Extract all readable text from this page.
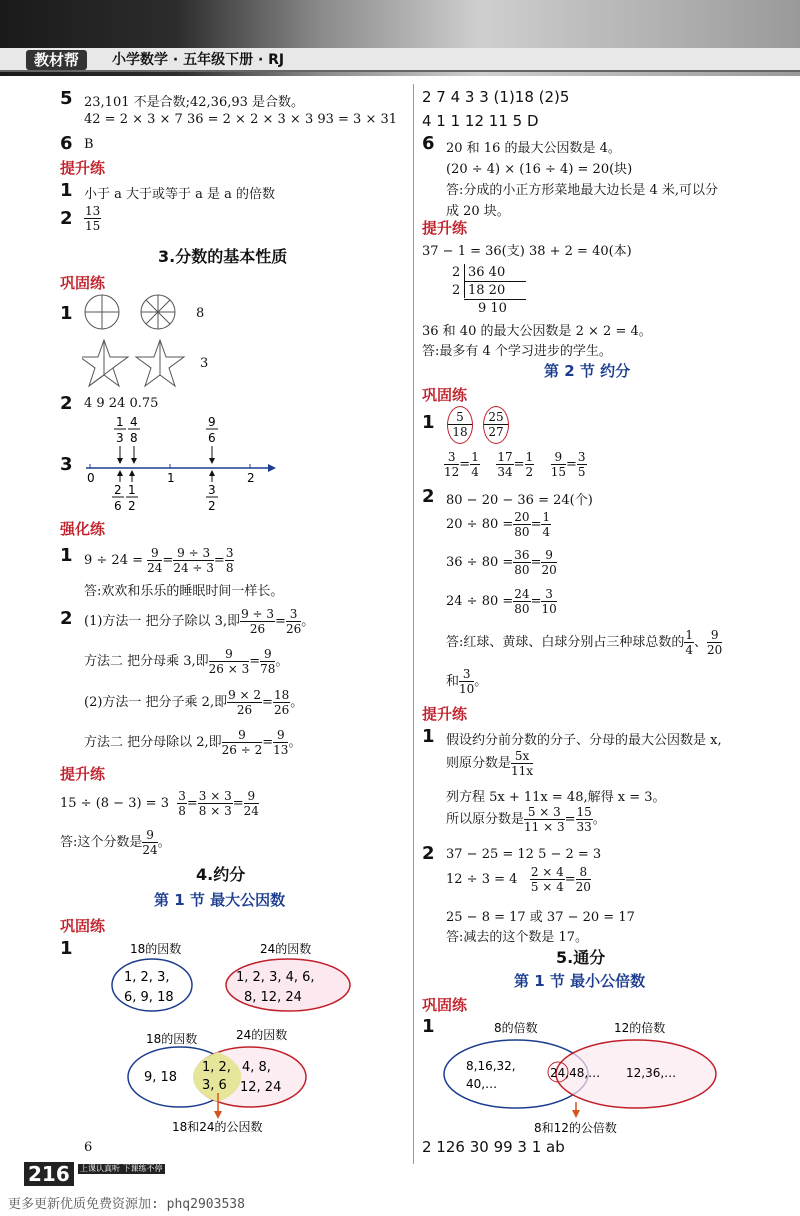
教材帮	小学数学 · 五年级下册 · RJ
5 23,101 不是合数;42,36,93 是合数。
42 = 2 × 3 × 7 36 = 2 × 2 × 3 × 3 93 = 3 × 31
6 B
提升练
1 小于 a 大于或等于 a 是 a 的倍数
2 13
15
3.分数的基本性质
巩固练
1	8
3
2 4 9 24 0.75
3
0	1	2
1
3
4
8
9
6
2
6
1
2
3
2
强化练
1 $9 \div 24 = \frac{9}{24} = \frac{9 \div 3}{24 \div 3} = \frac{3}{8}$
答:欢欢和乐乐的睡眠时间一样长。
2 (1)方法一 把分子除以 3,即 $\frac{9 \div 3}{26} = \frac{3}{26}$ 。
方法二 把分母乘 3,即 $\frac{9}{26 \times 3} = \frac{9}{78}$ 。
(2)方法一 把分子乘 2,即 $\frac{9 \times 2}{26} = \frac{18}{26}$ 。
方法二 把分母除以 2,即 $\frac{9}{26 \div 2} = \frac{9}{13}$ 。
提升练
$15 \div (8 - 3) = 3 \frac{3}{8} = \frac{3 \times 3}{8 \times 3} = \frac{9}{24}$
答:这个分数是 $\frac{9}{24}$ 。
4.约分
第 1 节 最大公因数
巩固练
1	18的因数	24的因数
1, 2, 3,
6, 9, 18
1, 2, 3, 4, 6,
8, 12, 24
18的因数	24的因数
9, 18
1, 2,
3, 6
4, 8,
12, 24
18和24的公因数
6
2 7 4 3 3 (1)18 (2)5
4 1 1 12 11 5 D
6 20 和 16 的最大公因数是 4。
(20 ÷ 4) × (16 ÷ 4) = 20(块)
答:分成的小正方形菜地最大边长是 4 米,可以分
成 20 块。
提升练
37 − 1 = 36(支) 38 + 2 = 40(本)
2 36 40
2 18 20
9 10
36 和 40 的最大公因数是 2 × 2 = 4。
答:最多有 4 个学习进步的学生。
第 2 节 约分
巩固练
1	5
18
25
27
$\frac{3}{12} = \frac{1}{4}$
$\frac{17}{34} = \frac{1}{2}$
$\frac{9}{15} = \frac{3}{5}$
2 80 − 20 − 36 = 24(个)
$20 \div 80 = \frac{20}{80} = \frac{1}{4}$
$36 \div 80 = \frac{36}{80} = \frac{9}{20}$
$24 \div 80 = \frac{24}{80} = \frac{3}{10}$
答:红球、黄球、白球分别占三种球总数的 $\frac{1}{4}$ 、 $\frac{9}{20}$
和 $\frac{3}{10}$ 。
提升练
1 假设约分前分数的分子、分母的最大公因数是 x,
则原分数是 $\frac{5x}{11x}$
列方程 5x + 11x = 48,解得 x = 3。
所以原分数是 $\frac{5 \times 3}{11 \times 3} = \frac{15}{33}$ 。
2 37 − 25 = 12 5 − 2 = 3
$12 \div 3 = 4 \frac{2 \times 4}{5 \times 4} = \frac{8}{20}$
25 − 8 = 17 或 37 − 20 = 17
答:减去的这个数是 17。
5.通分
第 1 节 最小公倍数
巩固练
1	8的倍数	12的倍数
8,16,32,
40,…
24,48,… 12,36,…
8和12的公倍数
2 126 30 99 3 1 ab
216	上课认真听 下课练不停
更多更新优质免费资源加: phq2903538
